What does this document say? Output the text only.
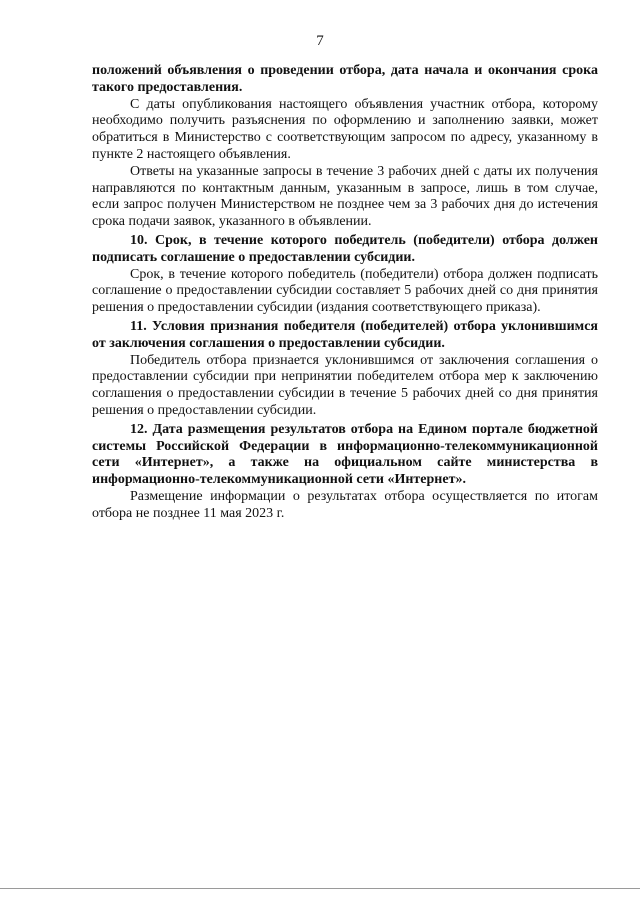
7

положений объявления о проведении отбора, дата начала и окончания срока такого предоставления.

С даты опубликования настоящего объявления участник отбора, которому необходимо получить разъяснения по оформлению и заполнению заявки, может обратиться в Министерство с соответствующим запросом по адресу, указанному в пункте 2 настоящего объявления.

Ответы на указанные запросы в течение 3 рабочих дней с даты их получения направляются по контактным данным, указанным в запросе, лишь в том случае, если запрос получен Министерством не позднее чем за 3 рабочих дня до истечения срока подачи заявок, указанного в объявлении.

10. Срок, в течение которого победитель (победители) отбора должен подписать соглашение о предоставлении субсидии.

Срок, в течение которого победитель (победители) отбора должен подписать соглашение о предоставлении субсидии составляет 5 рабочих дней со дня принятия решения о предоставлении субсидии (издания соответствующего приказа).

11. Условия признания победителя (победителей) отбора уклонившимся от заключения соглашения о предоставлении субсидии.

Победитель отбора признается уклонившимся от заключения соглашения о предоставлении субсидии при непринятии победителем отбора мер к заключению соглашения о предоставлении субсидии в течение 5 рабочих дней со дня принятия решения о предоставлении субсидии.

12. Дата размещения результатов отбора на Едином портале бюджетной системы Российской Федерации в информационно-телекоммуникационной сети «Интернет», а также на официальном сайте министерства в информационно-телекоммуникационной сети «Интернет».

Размещение информации о результатах отбора осуществляется по итогам отбора не позднее 11 мая 2023 г.
